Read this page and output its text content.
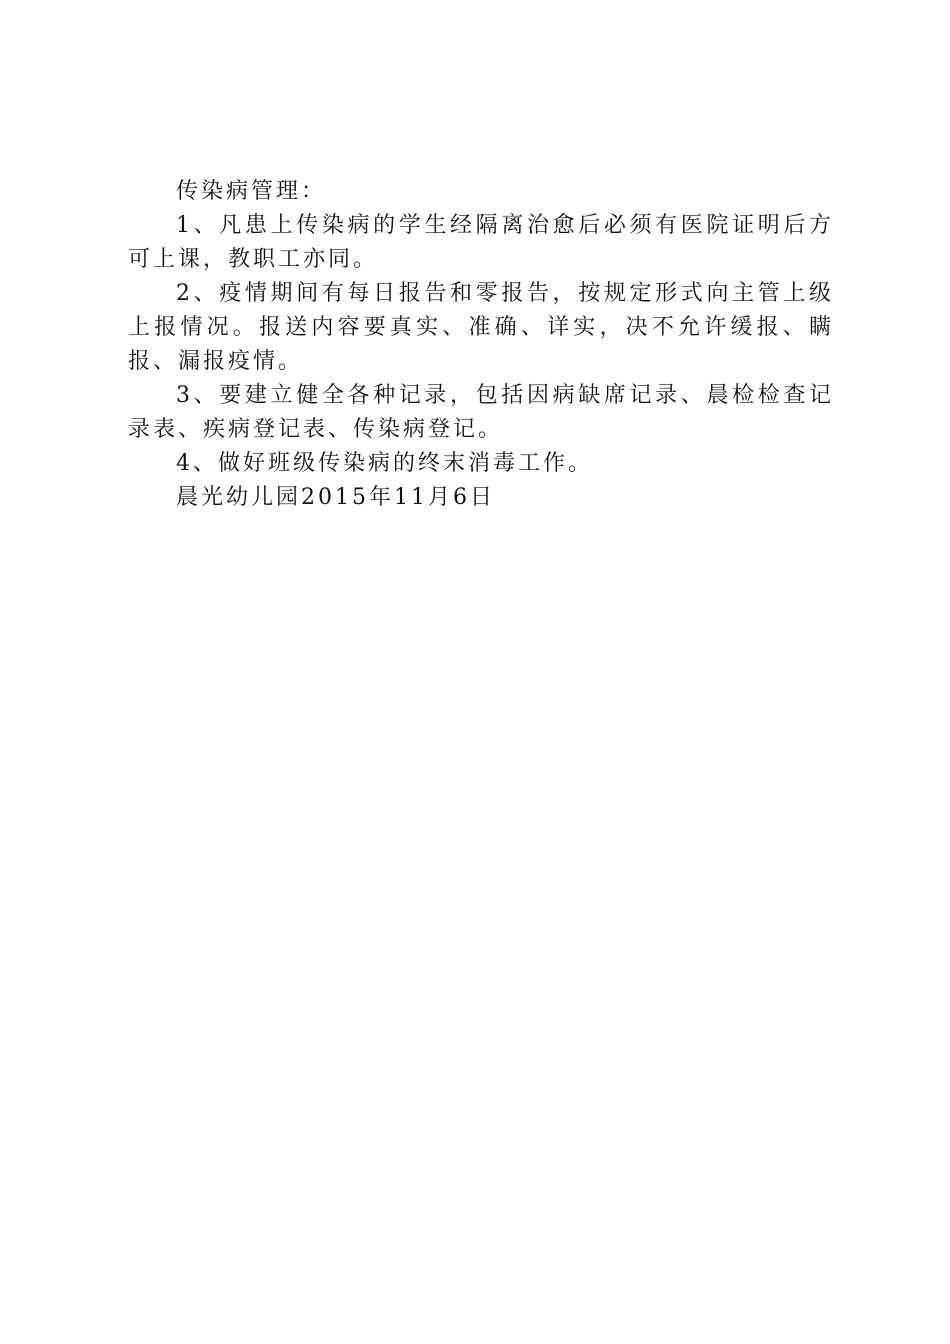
传染病管理：

1、凡患上传染病的学生经隔离治愈后必须有医院证明后方可上课，教职工亦同。

2、疫情期间有每日报告和零报告，按规定形式向主管上级上报情况。报送内容要真实、准确、详实，决不允许缓报、瞒报、漏报疫情。

3、要建立健全各种记录，包括因病缺席记录、晨检检查记录表、疾病登记表、传染病登记。

4、做好班级传染病的终末消毒工作。

晨光幼儿园2015年11月6日
